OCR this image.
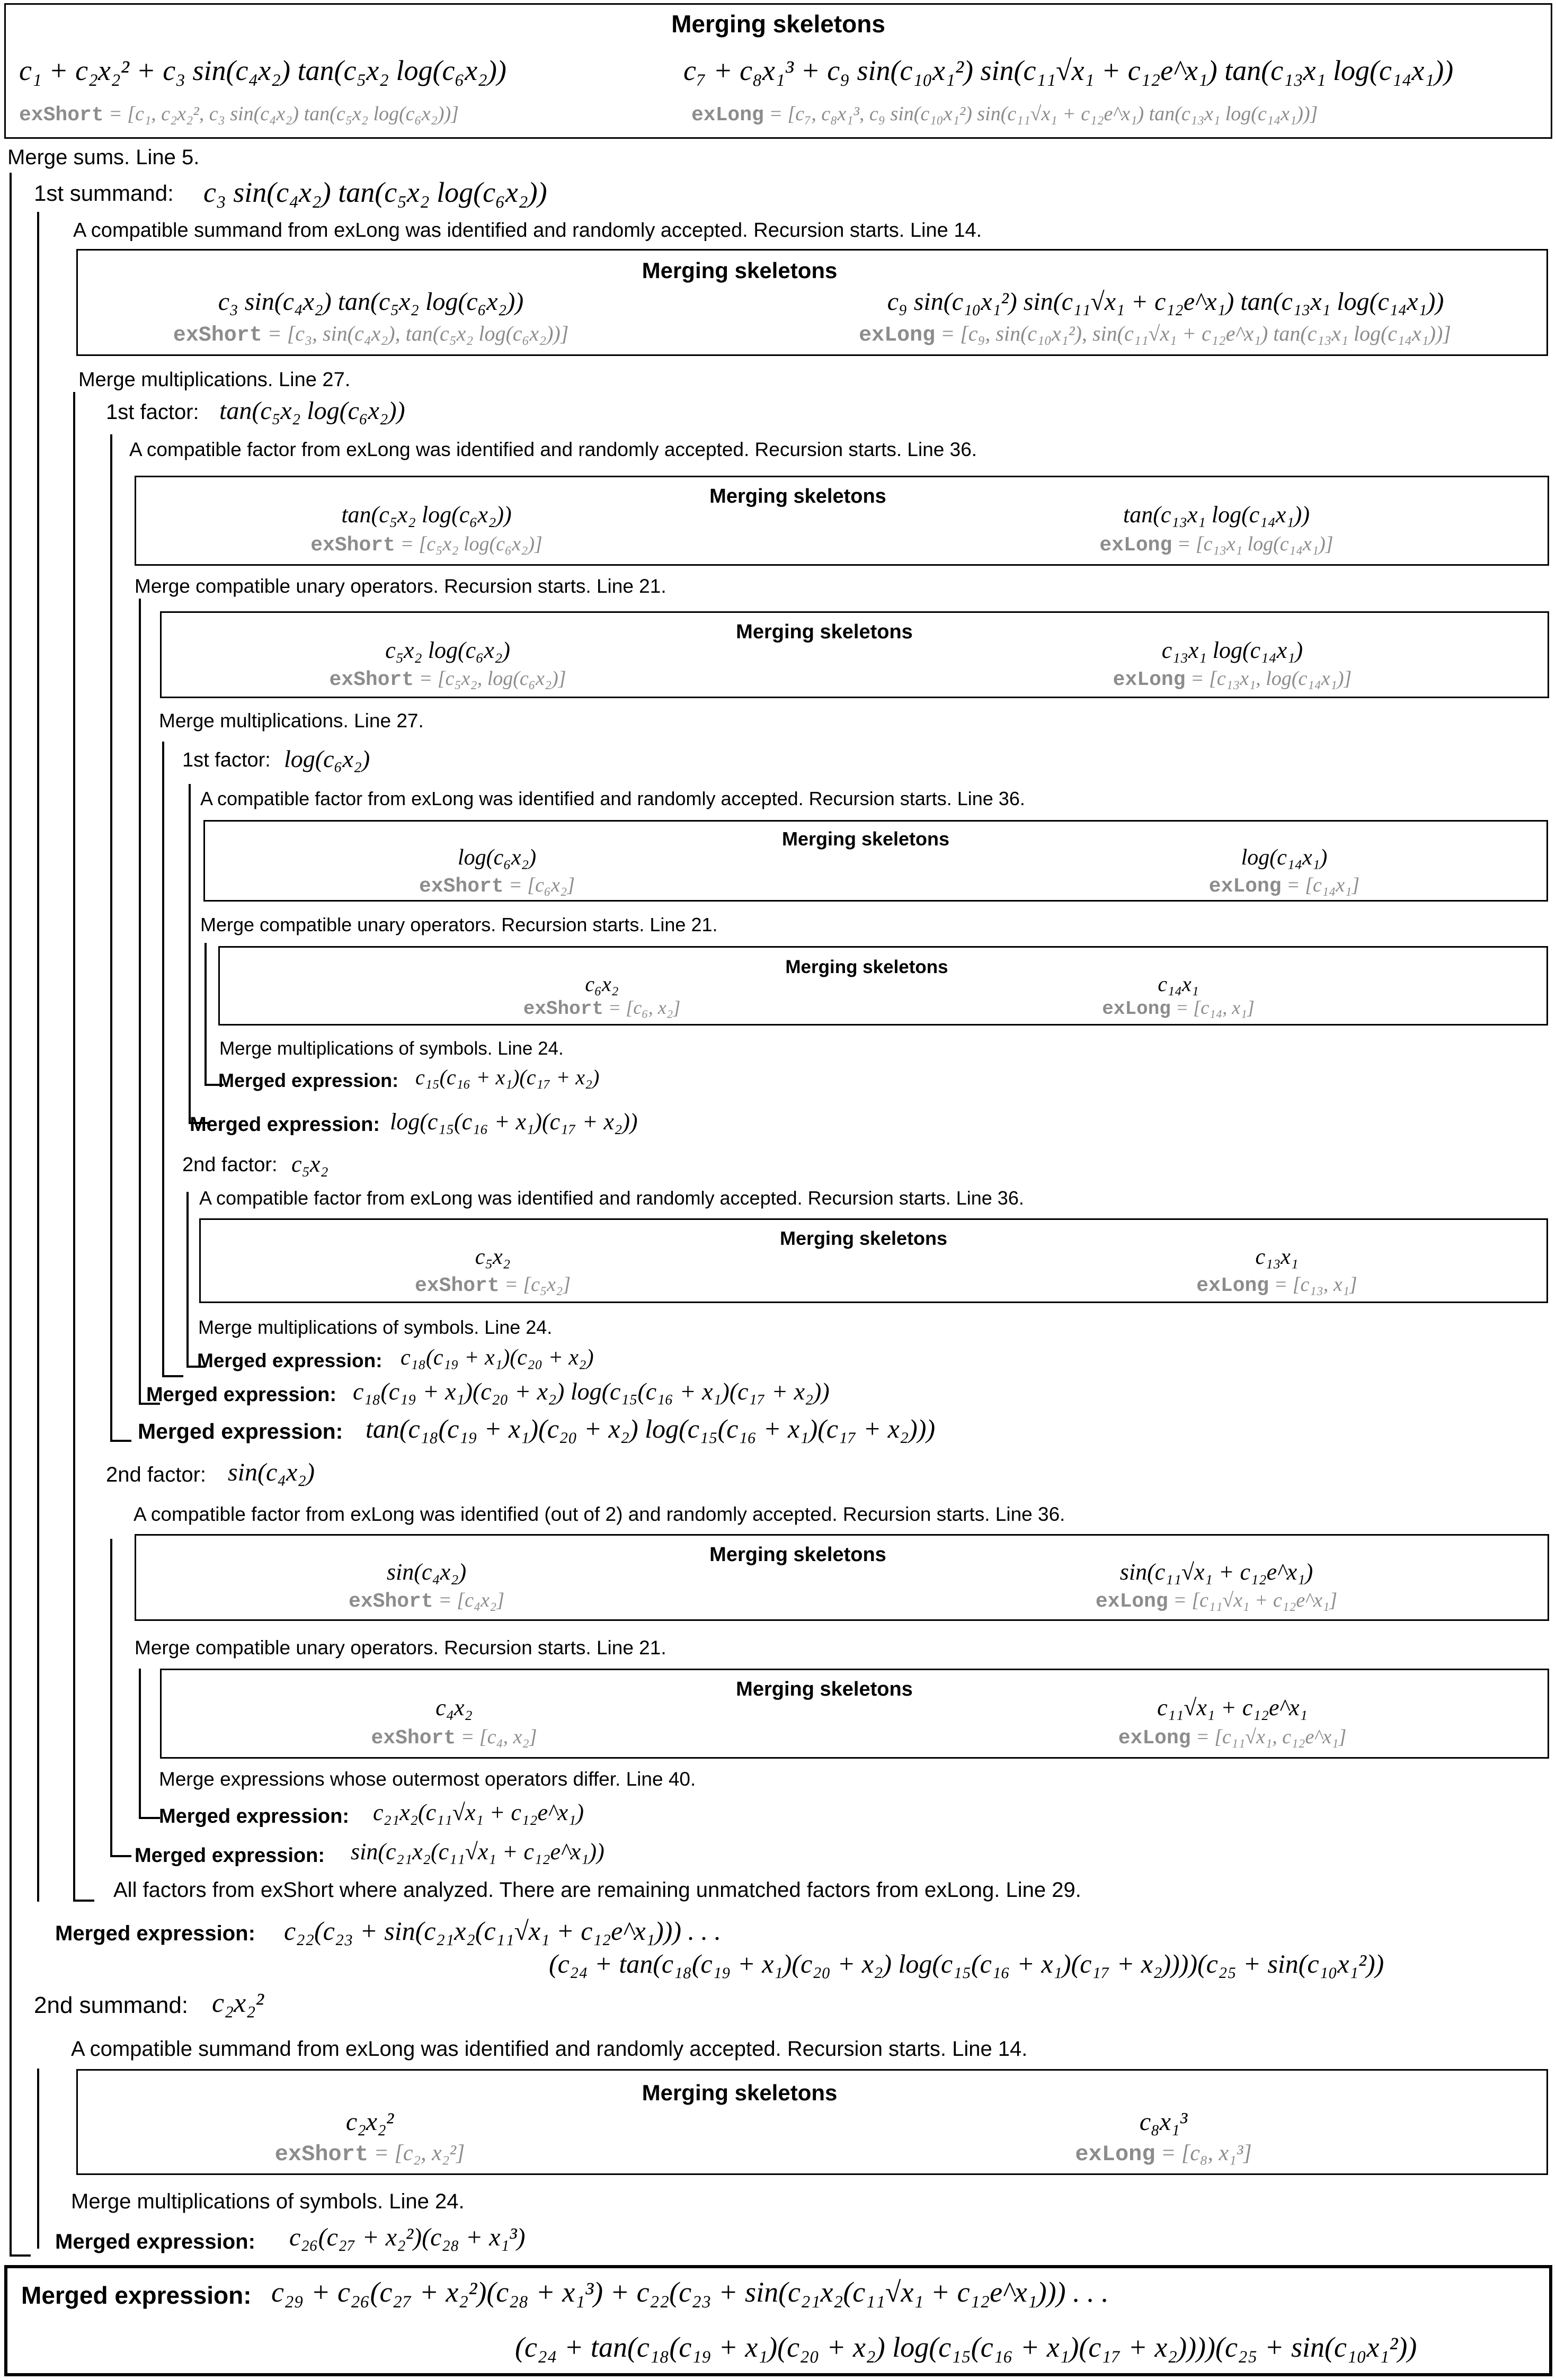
Merging skeletons
c₁ + c₂x₂² + c₃ sin(c₄x₂) tan(c₅x₂ log(c₆x₂))
exShort = [c₁, c₂x₂², c₃ sin(c₄x₂) tan(c₅x₂ log(c₆x₂))]
c₇ + c₈x₁³ + c₉ sin(c₁₀x₁²) sin(c₁₁√x₁ + c₁₂e^x₁) tan(c₁₃x₁ log(c₁₄x₁))
exLong = [c₇, c₈x₁³, c₉ sin(c₁₀x₁²) sin(c₁₁√x₁ + c₁₂e^x₁) tan(c₁₃x₁ log(c₁₄x₁))]
Merge sums. Line 5.
1st summand: c₃ sin(c₄x₂) tan(c₅x₂ log(c₆x₂))
A compatible summand from exLong was identified and randomly accepted. Recursion starts. Line 14.
Merging skeletons
c₃ sin(c₄x₂) tan(c₅x₂ log(c₆x₂))
exShort = [c₃, sin(c₄x₂), tan(c₅x₂ log(c₆x₂))]
c₉ sin(c₁₀x₁²) sin(c₁₁√x₁ + c₁₂e^x₁) tan(c₁₃x₁ log(c₁₄x₁))
exLong = [c₉, sin(c₁₀x₁²), sin(c₁₁√x₁ + c₁₂e^x₁) tan(c₁₃x₁ log(c₁₄x₁))]
Merge multiplications. Line 27.
1st factor: tan(c₅x₂ log(c₆x₂))
A compatible factor from exLong was identified and randomly accepted. Recursion starts. Line 36.
Merging skeletons
tan(c₅x₂ log(c₆x₂))
exShort = [c₅x₂ log(c₆x₂)]
tan(c₁₃x₁ log(c₁₄x₁))
exLong = [c₁₃x₁ log(c₁₄x₁)]
Merge compatible unary operators. Recursion starts. Line 21.
Merging skeletons
c₅x₂ log(c₆x₂)
exShort = [c₅x₂, log(c₆x₂)]
c₁₃x₁ log(c₁₄x₁)
exLong = [c₁₃x₁, log(c₁₄x₁)]
Merge multiplications. Line 27.
1st factor: log(c₆x₂)
A compatible factor from exLong was identified and randomly accepted. Recursion starts. Line 36.
Merging skeletons
log(c₆x₂)
exShort = [c₆x₂]
log(c₁₄x₁)
exLong = [c₁₄x₁]
Merge compatible unary operators. Recursion starts. Line 21.
Merging skeletons
c₆x₂
exShort = [c₆, x₂]
c₁₄x₁
exLong = [c₁₄, x₁]
Merge multiplications of symbols. Line 24.
Merged expression: c₁₅(c₁₆ + x₁)(c₁₇ + x₂)
Merged expression: log(c₁₅(c₁₆ + x₁)(c₁₇ + x₂))
2nd factor: c₅x₂
A compatible factor from exLong was identified and randomly accepted. Recursion starts. Line 36.
Merging skeletons
c₅x₂
exShort = [c₅x₂]
c₁₃x₁
exLong = [c₁₃, x₁]
Merge multiplications of symbols. Line 24.
Merged expression: c₁₈(c₁₉ + x₁)(c₂₀ + x₂)
Merged expression: c₁₈(c₁₉ + x₁)(c₂₀ + x₂) log(c₁₅(c₁₆ + x₁)(c₁₇ + x₂))
Merged expression: tan(c₁₈(c₁₉ + x₁)(c₂₀ + x₂) log(c₁₅(c₁₆ + x₁)(c₁₇ + x₂)))
2nd factor: sin(c₄x₂)
A compatible factor from exLong was identified (out of 2) and randomly accepted. Recursion starts. Line 36.
Merging skeletons
sin(c₄x₂)
exShort = [c₄x₂]
sin(c₁₁√x₁ + c₁₂e^x₁)
exLong = [c₁₁√x₁ + c₁₂e^x₁]
Merge compatible unary operators. Recursion starts. Line 21.
Merging skeletons
c₄x₂
exShort = [c₄, x₂]
c₁₁√x₁ + c₁₂e^x₁
exLong = [c₁₁√x₁, c₁₂e^x₁]
Merge expressions whose outermost operators differ. Line 40.
Merged expression: c₂₁x₂(c₁₁√x₁ + c₁₂e^x₁)
Merged expression: sin(c₂₁x₂(c₁₁√x₁ + c₁₂e^x₁))
All factors from exShort where analyzed. There are remaining unmatched factors from exLong. Line 29.
Merged expression: c₂₂(c₂₃ + sin(c₂₁x₂(c₁₁√x₁ + c₁₂e^x₁))) . . .
(c₂₄ + tan(c₁₈(c₁₉ + x₁)(c₂₀ + x₂) log(c₁₅(c₁₆ + x₁)(c₁₇ + x₂))))(c₂₅ + sin(c₁₀x₁²))
2nd summand: c₂x₂²
A compatible summand from exLong was identified and randomly accepted. Recursion starts. Line 14.
Merging skeletons
c₂x₂²
exShort = [c₂, x₂²]
c₈x₁³
exLong = [c₈, x₁³]
Merge multiplications of symbols. Line 24.
Merged expression: c₂₆(c₂₇ + x₂²)(c₂₈ + x₁³)
Merged expression: c₂₉ + c₂₆(c₂₇ + x₂²)(c₂₈ + x₁³) + c₂₂(c₂₃ + sin(c₂₁x₂(c₁₁√x₁ + c₁₂e^x₁))) . . .
(c₂₄ + tan(c₁₈(c₁₉ + x₁)(c₂₀ + x₂) log(c₁₅(c₁₆ + x₁)(c₁₇ + x₂))))(c₂₅ + sin(c₁₀x₁²))
